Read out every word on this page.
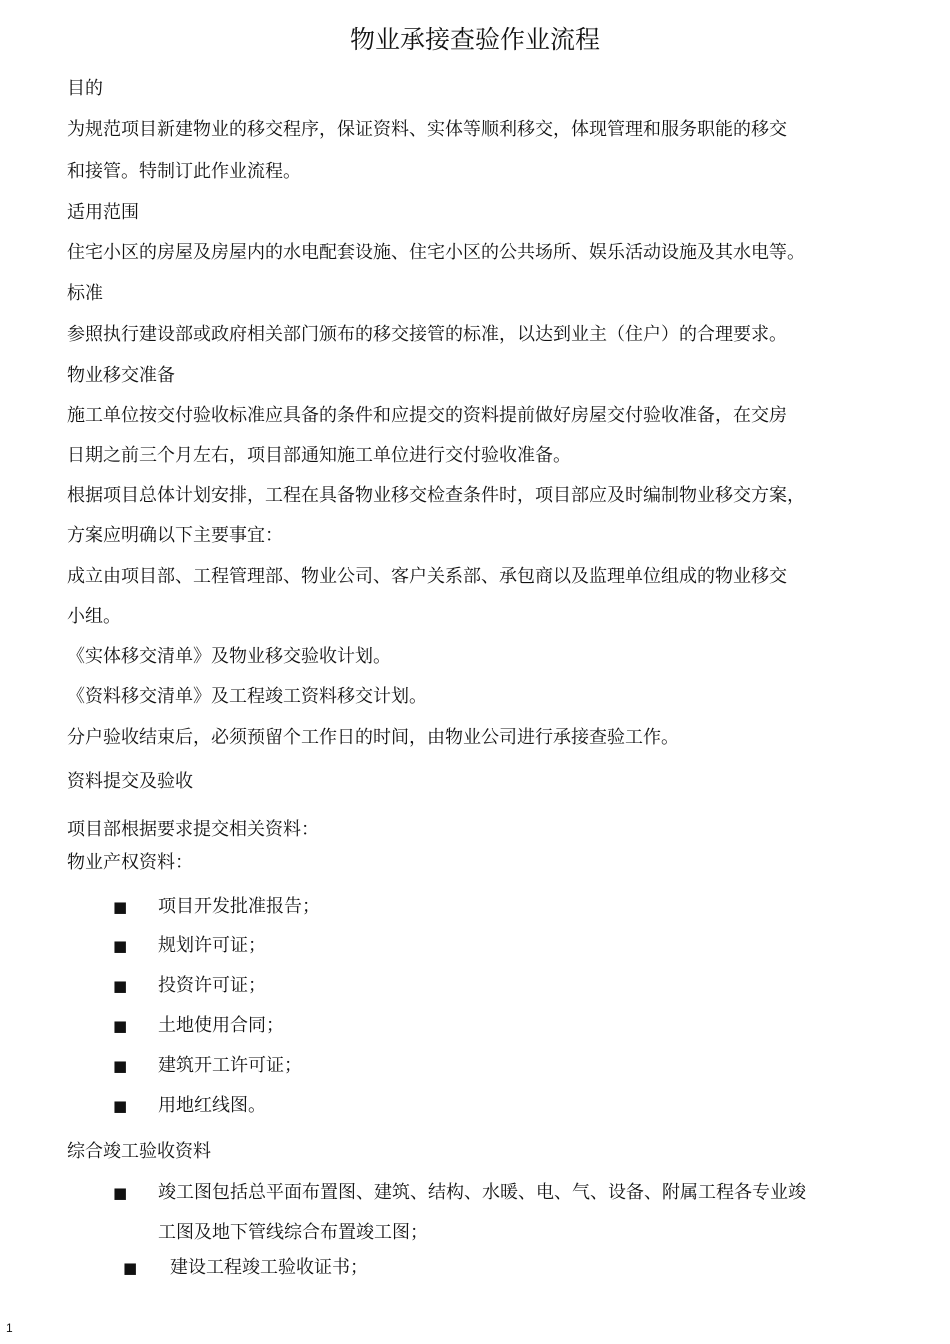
物业承接查验作业流程

目的

为规范项目新建物业的移交程序，保证资料、实体等顺利移交，体现管理和服务职能的移交

和接管。特制订此作业流程。

适用范围

住宅小区的房屋及房屋内的水电配套设施、住宅小区的公共场所、娱乐活动设施及其水电等。

标准

参照执行建设部或政府相关部门颁布的移交接管的标准，以达到业主（住户）的合理要求。

物业移交准备

施工单位按交付验收标准应具备的条件和应提交的资料提前做好房屋交付验收准备，在交房

日期之前三个月左右，项目部通知施工单位进行交付验收准备。

根据项目总体计划安排，工程在具备物业移交检查条件时，项目部应及时编制物业移交方案，

方案应明确以下主要事宜：

成立由项目部、工程管理部、物业公司、客户关系部、承包商以及监理单位组成的物业移交

小组。

《实体移交清单》及物业移交验收计划。

《资料移交清单》及工程竣工资料移交计划。

分户验收结束后，必须预留个工作日的时间，由物业公司进行承接查验工作。

资料提交及验收

项目部根据要求提交相关资料：

物业产权资料：

■ 项目开发批准报告；

■ 规划许可证；

■ 投资许可证；

■ 土地使用合同；

■ 建筑开工许可证；

■ 用地红线图。

综合竣工验收资料

■ 竣工图包括总平面布置图、建筑、结构、水暖、电、气、设备、附属工程各专业竣

工图及地下管线综合布置竣工图；

■ 建设工程竣工验收证书；

1
